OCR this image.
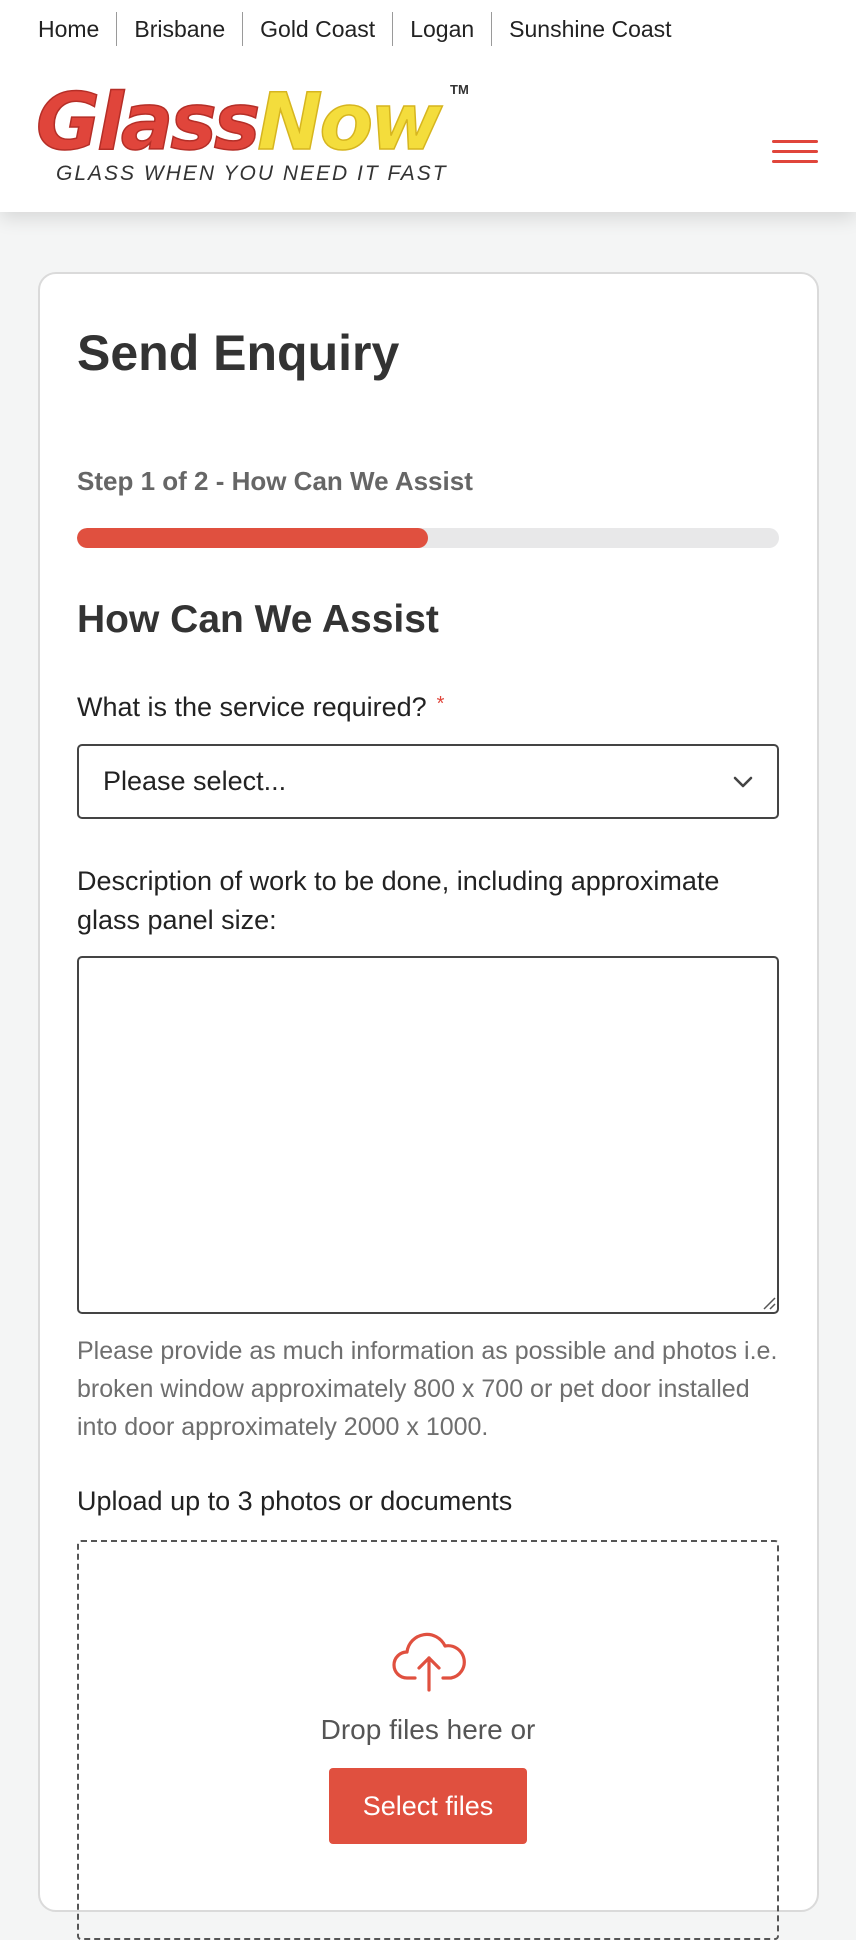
Home	Brisbane	Gold Coast	Logan	Sunshine Coast
GlassNow TM
GLASS WHEN YOU NEED IT FAST
Send Enquiry
Step 1 of 2 - How Can We Assist
How Can We Assist
What is the service required? *
Please select...
Description of work to be done, including approximate glass panel size:

Please provide as much information as possible and photos i.e. broken window approximately 800 x 700 or pet door installed into door approximately 2000 x 1000.

Upload up to 3 photos or documents
Drop files here or
Select files
